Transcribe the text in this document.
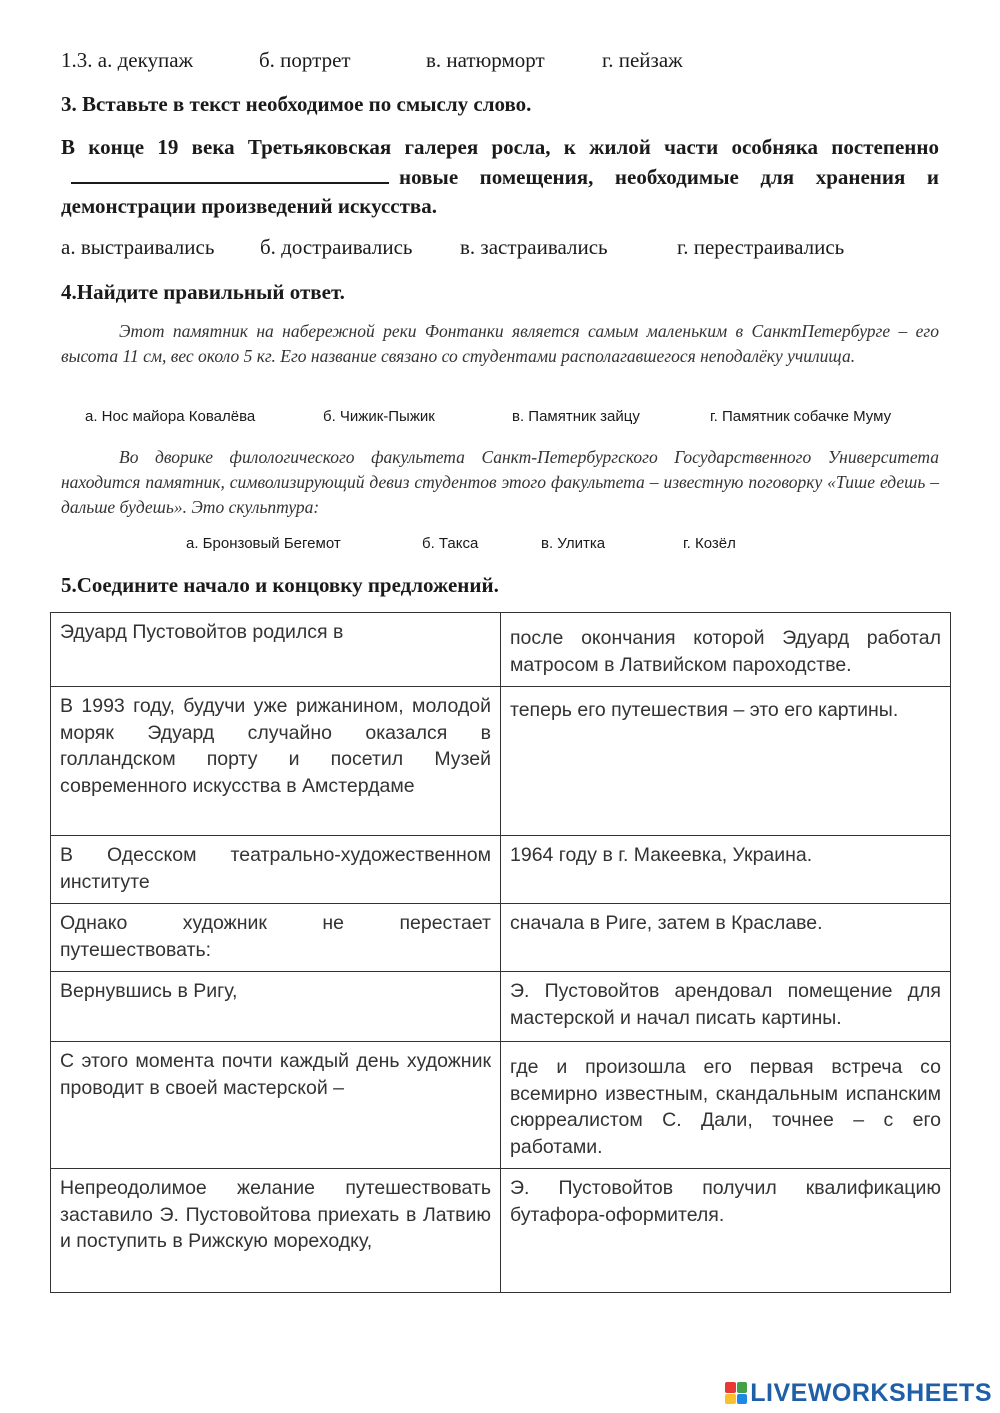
1.3. а. декупаж	б. портрет	в. натюрморт	г. пейзаж
3. Вставьте в текст необходимое по смыслу слово.
В конце 19 века Третьяковская галерея росла, к жилой части особняка постепенноновые помещения, необходимые для хранения и демонстрации произведений искусства.
а. выстраивались б. достраивались в. застраивались	г. перестраивались
4.Найдите правильный ответ.
Этот памятник на набережной реки Фонтанки является самым маленьким в СанктПетербурге – его высота 11 см, вес около 5 кг. Его название связано со студентами располагавшегося неподалёку училища.
а. Нос майора Ковалёва	б. Чижик-Пыжик	в. Памятник зайцу	г. Памятник собачке Муму
Во дворике филологического факультета Санкт-Петербургского Государственного Университета находится памятник, символизирующий девиз студентов этого факультета – известную поговорку «Тише едешь – дальше будешь». Это скульптура:
а. Бронзовый Бегемот	б. Такса	в. Улитка	г. Козёл
5.Соедините начало и концовку предложений.
Эдуард Пустовойтов родился в	после окончания которой Эдуард работал матросом в Латвийском пароходстве.
В 1993 году, будучи уже рижанином, молодой моряк Эдуард случайно оказался в голландском порту и посетил Музей современного искусства в Амстердаме	теперь его путешествия – это его картины.
В Одесском театрально-художественном институте	1964 году в г. Макеевка, Украина.
Однако художник не перестает путешествовать:	сначала в Риге, затем в Краславе.
Вернувшись в Ригу,	Э. Пустовойтов арендовал помещение для мастерской и начал писать картины.
С этого момента почти каждый день художник проводит в своей мастерской –	где и произошла его первая встреча со всемирно известным, скандальным испанским сюрреалистом С. Дали, точнее – с его работами.
Непреодолимое желание путешествовать заставило Э. Пустовойтова приехать в Латвию и поступить в Рижскую мореходку,	Э. Пустовойтов получил квалификацию бутафора-оформителя.
LIVEWORKSHEETS
